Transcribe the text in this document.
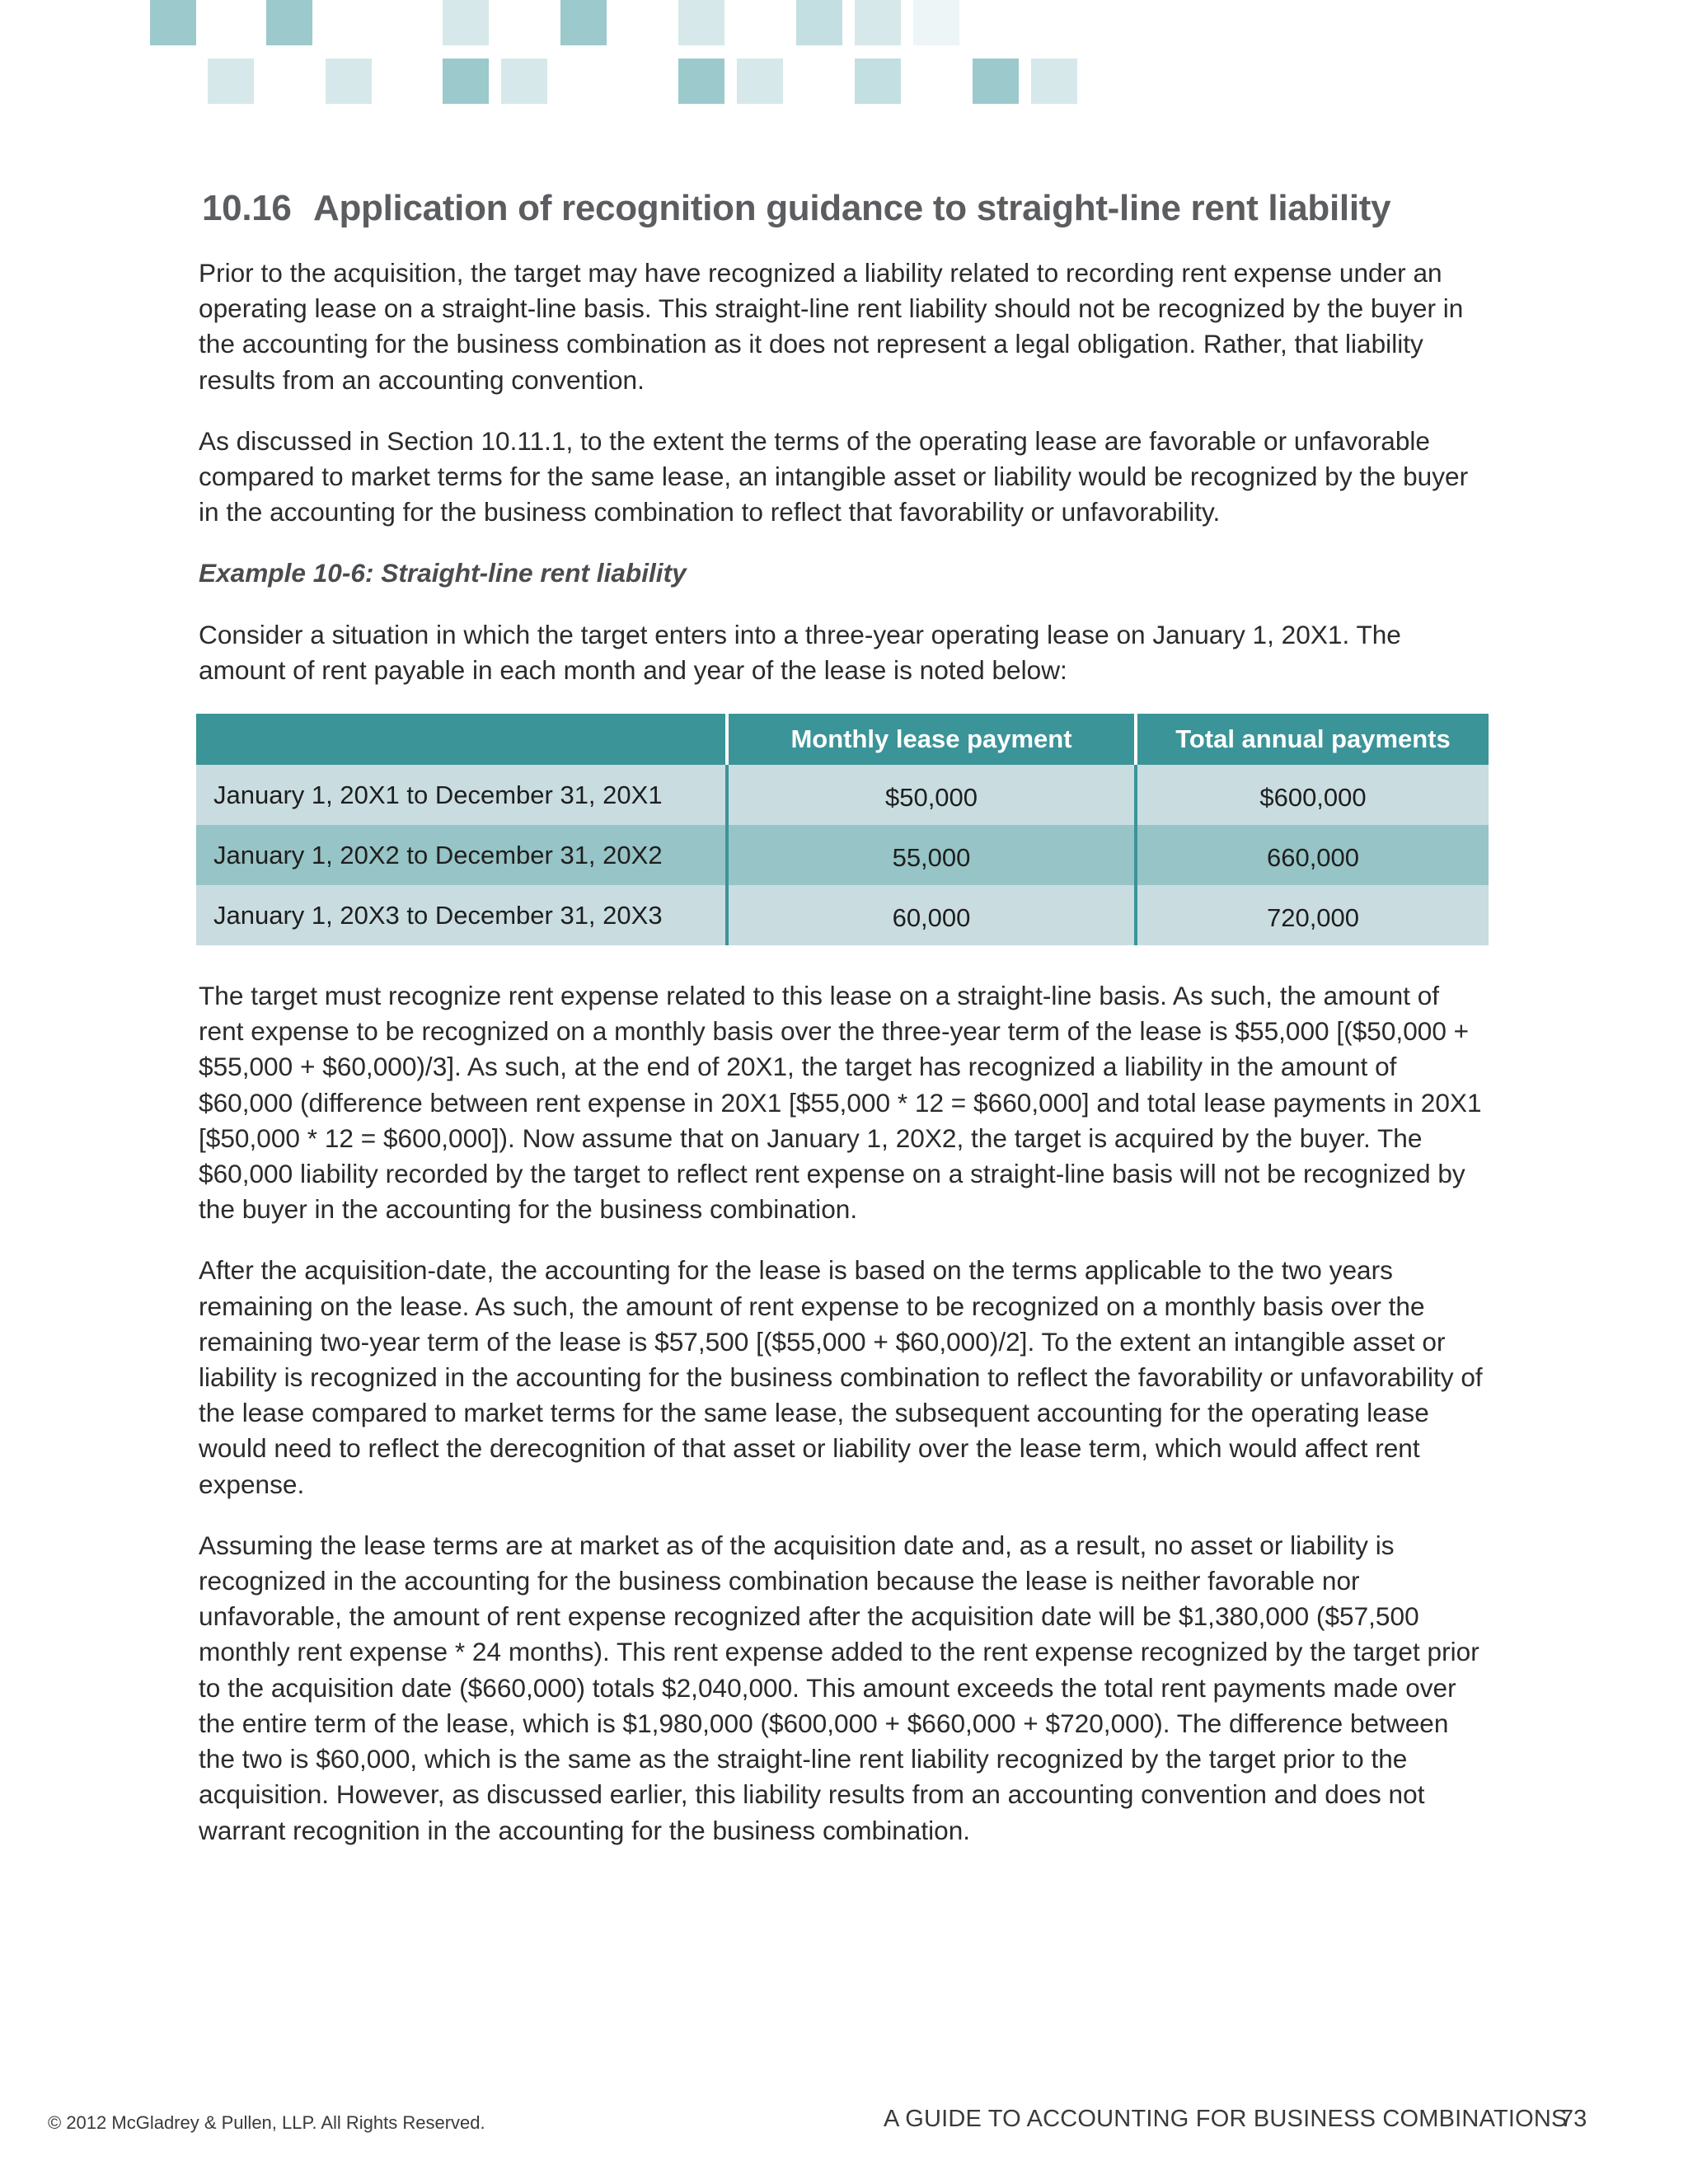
10.16 Application of recognition guidance to straight-line rent liability

Prior to the acquisition, the target may have recognized a liability related to recording rent expense under an operating lease on a straight-line basis. This straight-line rent liability should not be recognized by the buyer in the accounting for the business combination as it does not represent a legal obligation. Rather, that liability results from an accounting convention.

As discussed in Section 10.11.1, to the extent the terms of the operating lease are favorable or unfavorable compared to market terms for the same lease, an intangible asset or liability would be recognized by the buyer in the accounting for the business combination to reflect that favorability or unfavorability.

Example 10-6: Straight-line rent liability

Consider a situation in which the target enters into a three-year operating lease on January 1, 20X1. The amount of rent payable in each month and year of the lease is noted below:

	Monthly lease payment	Total annual payments
January 1, 20X1 to December 31, 20X1	$50,000	$600,000
January 1, 20X2 to December 31, 20X2	55,000	660,000
January 1, 20X3 to December 31, 20X3	60,000	720,000

The target must recognize rent expense related to this lease on a straight-line basis. As such, the amount of rent expense to be recognized on a monthly basis over the three-year term of the lease is $55,000 [($50,000 + $55,000 + $60,000)/3]. As such, at the end of 20X1, the target has recognized a liability in the amount of $60,000 (difference between rent expense in 20X1 [$55,000 * 12 = $660,000] and total lease payments in 20X1 [$50,000 * 12 = $600,000]). Now assume that on January 1, 20X2, the target is acquired by the buyer. The $60,000 liability recorded by the target to reflect rent expense on a straight-line basis will not be recognized by the buyer in the accounting for the business combination.

After the acquisition-date, the accounting for the lease is based on the terms applicable to the two years remaining on the lease. As such, the amount of rent expense to be recognized on a monthly basis over the remaining two-year term of the lease is $57,500 [($55,000 + $60,000)/2]. To the extent an intangible asset or liability is recognized in the accounting for the business combination to reflect the favorability or unfavorability of the lease compared to market terms for the same lease, the subsequent accounting for the operating lease would need to reflect the derecognition of that asset or liability over the lease term, which would affect rent expense.

Assuming the lease terms are at market as of the acquisition date and, as a result, no asset or liability is recognized in the accounting for the business combination because the lease is neither favorable nor unfavorable, the amount of rent expense recognized after the acquisition date will be $1,380,000 ($57,500 monthly rent expense * 24 months). This rent expense added to the rent expense recognized by the target prior to the acquisition date ($660,000) totals $2,040,000. This amount exceeds the total rent payments made over the entire term of the lease, which is $1,980,000 ($600,000 + $660,000 + $720,000). The difference between the two is $60,000, which is the same as the straight-line rent liability recognized by the target prior to the acquisition. However, as discussed earlier, this liability results from an accounting convention and does not warrant recognition in the accounting for the business combination.

© 2012 McGladrey & Pullen, LLP. All Rights Reserved.	A GUIDE TO ACCOUNTING FOR BUSINESS COMBINATIONS
73
